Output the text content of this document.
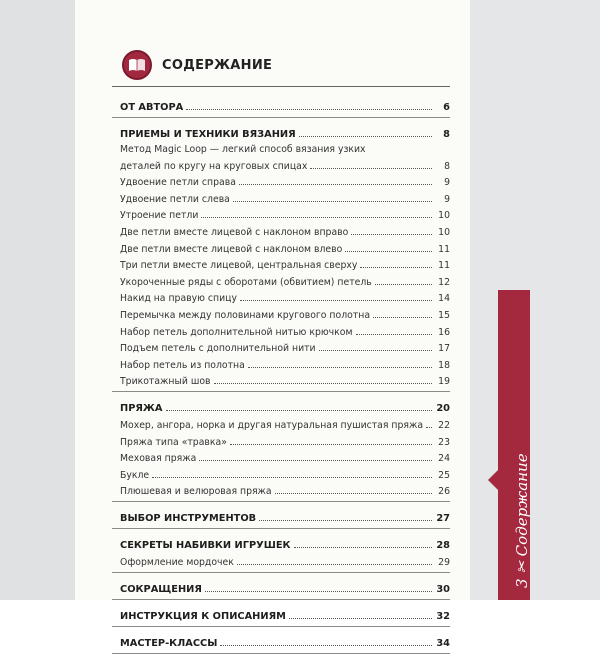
СОДЕРЖАНИЕ
ОТ АВТОРА	6
ПРИЕМЫ И ТЕХНИКИ ВЯЗАНИЯ	8
Метод Magic Loop — легкий способ вязания узких
деталей по кругу на круговых спицах	8
Удвоение петли справа	9
Удвоение петли слева	9
Утроение петли	10
Две петли вместе лицевой с наклоном вправо	10
Две петли вместе лицевой с наклоном влево	11
Три петли вместе лицевой, центральная сверху	11
Укороченные ряды с оборотами (обвитием) петель	12
Накид на правую спицу	14
Перемычка между половинами кругового полотна	15
Набор петель дополнительной нитью крючком	16
Подъем петель с дополнительной нити	17
Набор петель из полотна	18
Трикотажный шов	19
ПРЯЖА	20
Мохер, ангора, норка и другая натуральная пушистая пряжа 22
Пряжа типа «травка»	23
Меховая пряжа	24
Букле	25
Плюшевая и велюровая пряжа	26
ВЫБОР ИНСТРУМЕНТОВ	27
СЕКРЕТЫ НАБИВКИ ИГРУШЕК	28
Оформление мордочек	29
СОКРАЩЕНИЯ	30
ИНСТРУКЦИЯ К ОПИСАНИЯМ	32
МАСТЕР-КЛАССЫ	34
3 ✂ Содержание
